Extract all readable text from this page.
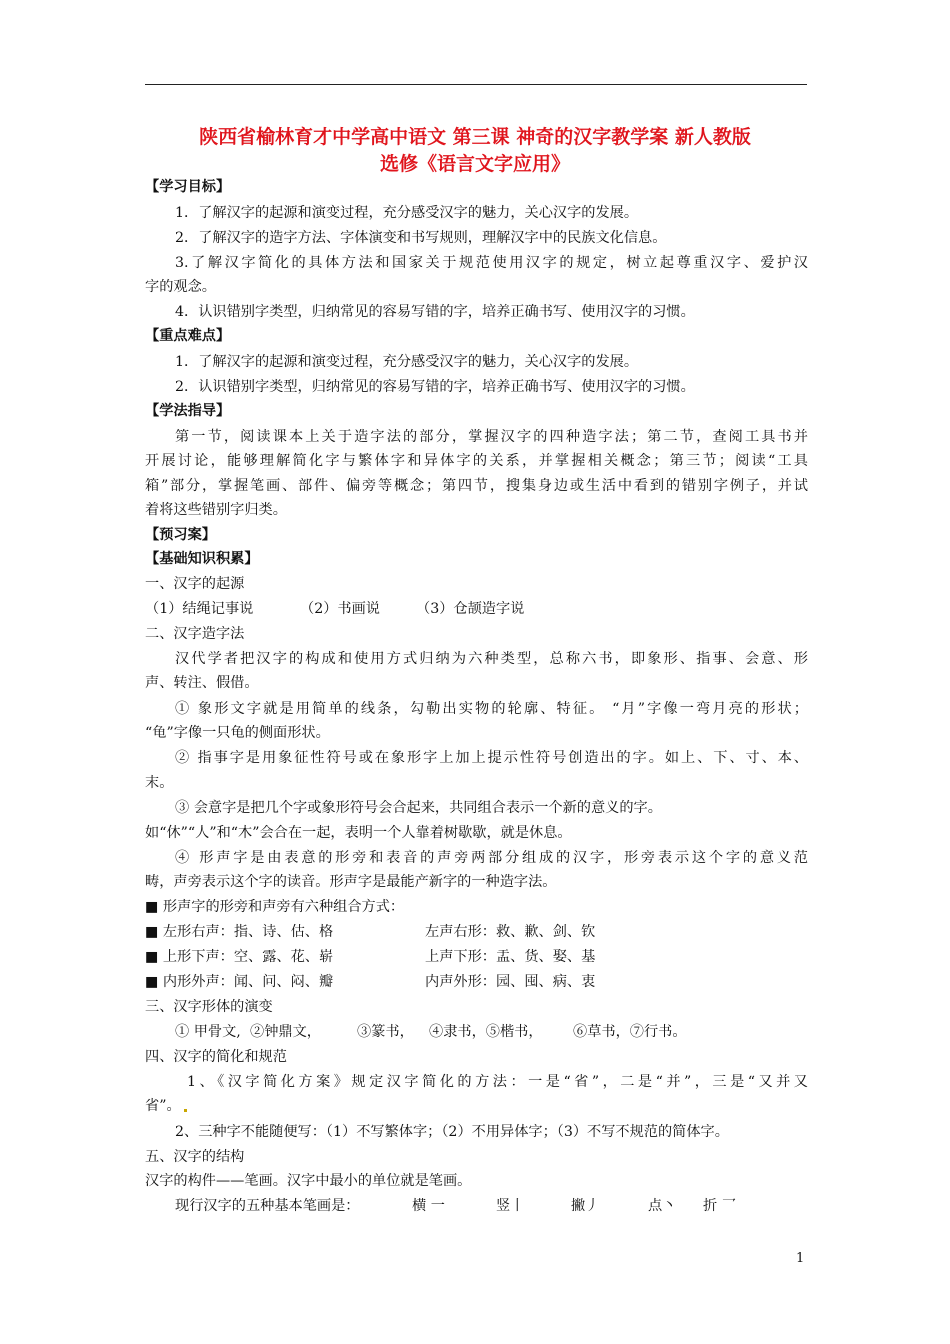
陕西省榆林育才中学高中语文 第三课 神奇的汉字教学案 新人教版
选修《语言文字应用》
【学习目标】
1．了解汉字的起源和演变过程，充分感受汉字的魅力，关心汉字的发展。
2．了解汉字的造字方法、字体演变和书写规则，理解汉字中的民族文化信息。
3.了解汉字简化的具体方法和国家关于规范使用汉字的规定，树立起尊重汉字、爱护汉
字的观念。
4．认识错别字类型，归纳常见的容易写错的字，培养正确书写、使用汉字的习惯。
【重点难点】
1．了解汉字的起源和演变过程，充分感受汉字的魅力，关心汉字的发展。
2．认识错别字类型，归纳常见的容易写错的字，培养正确书写、使用汉字的习惯。
【学法指导】
第一节，阅读课本上关于造字法的部分，掌握汉字的四种造字法；第二节，查阅工具书并
开展讨论，能够理解简化字与繁体字和异体字的关系，并掌握相关概念；第三节；阅读“工具
箱”部分，掌握笔画、部件、偏旁等概念；第四节，搜集身边或生活中看到的错别字例子，并试
着将这些错别字归类。
【预习案】
【基础知识积累】
一、汉字的起源
（1）结绳记事说	（2）书画说	（3）仓颉造字说
二、汉字造字法
汉代学者把汉字的构成和使用方式归纳为六种类型，总称六书，即象形、指事、会意、形
声、转注、假借。
① 象形文字就是用简单的线条，勾勒出实物的轮廓、特征。 “月”字像一弯月亮的形状；
“龟”字像一只龟的侧面形状。
② 指事字是用象征性符号或在象形字上加上提示性符号创造出的字。如上、下、寸、本、
末。
③ 会意字是把几个字或象形符号会合起来，共同组合表示一个新的意义的字。
如“休”“人”和“木”会合在一起，表明一个人靠着树歇歇，就是休息。
④ 形声字是由表意的形旁和表音的声旁两部分组成的汉字，形旁表示这个字的意义范
畴，声旁表示这个字的读音。形声字是最能产新字的一种造字法。
■ 形声字的形旁和声旁有六种组合方式：
■ 左形右声：指、诗、估、格	左声右形：救、歉、剑、钦
■ 上形下声：空、露、花、崭	上声下形：盂、货、娶、基
■ 内形外声：闻、问、闷、瓣	内声外形：园、囤、病、衷
三、汉字形体的演变
① 甲骨文, ②钟鼎文，	③篆书， ④隶书，⑤楷书， ⑥草书，⑦行书。
四、汉字的简化和规范
1、《汉字简化方案》规定汉字简化的方法：一是“省”，二是“并”，三是“又并又
省”。
2、三种字不能随便写：（1）不写繁体字；（2）不用异体字；（3）不写不规范的简体字。
五、汉字的结构
汉字的构件——笔画。汉字中最小的单位就是笔画。
现行汉字的五种基本笔画是：	横 一	竖丨	撇丿	点丶 折 乛
1
